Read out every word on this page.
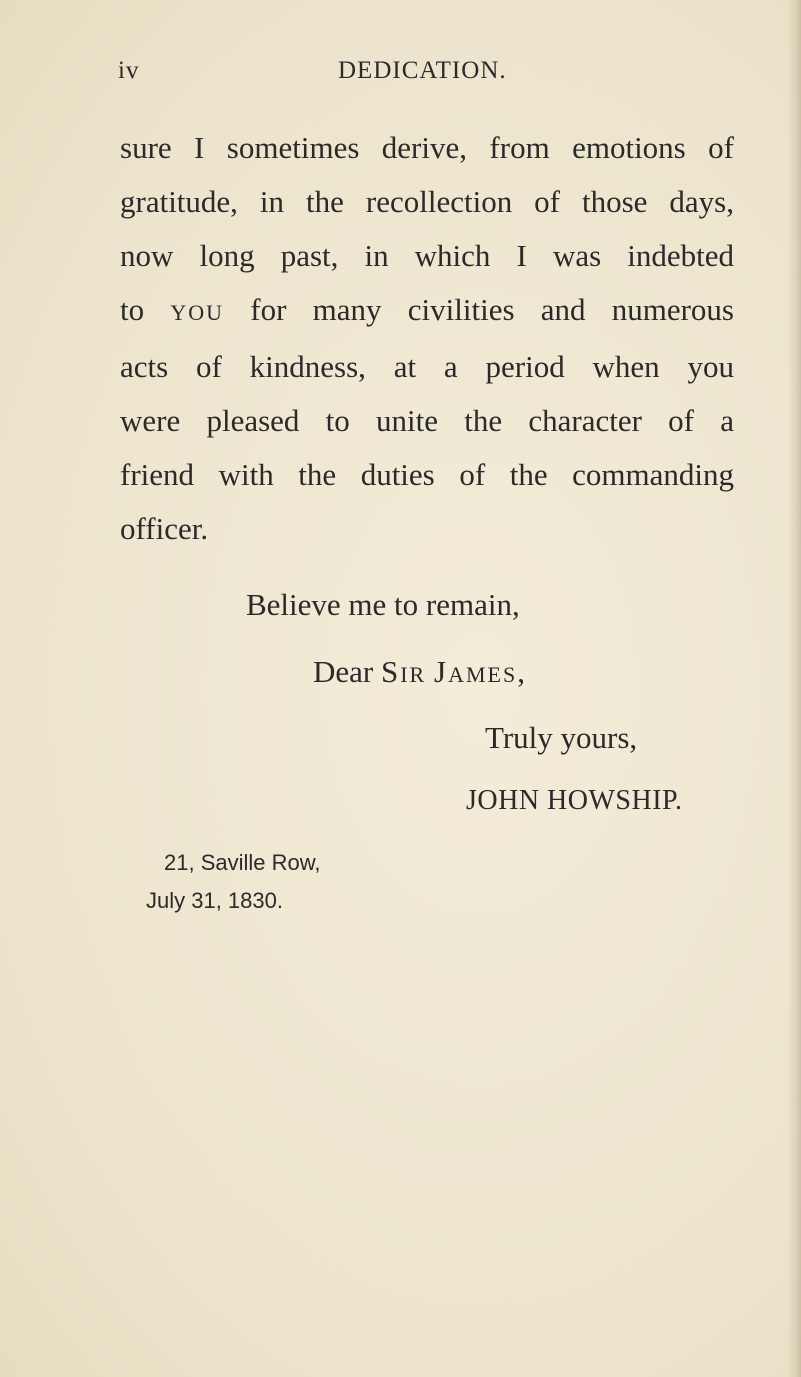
iv	DEDICATION.
sure I sometimes derive, from emotions of
gratitude, in the recollection of those days,
now long past, in which I was indebted
to YOU for many civilities and numerous
acts of kindness, at a period when you
were pleased to unite the character of a
friend with the duties of the commanding
officer.
Believe me to remain,
Dear SIR JAMES,
Truly yours,
JOHN HOWSHIP.
21, Saville Row,
July 31, 1830.
